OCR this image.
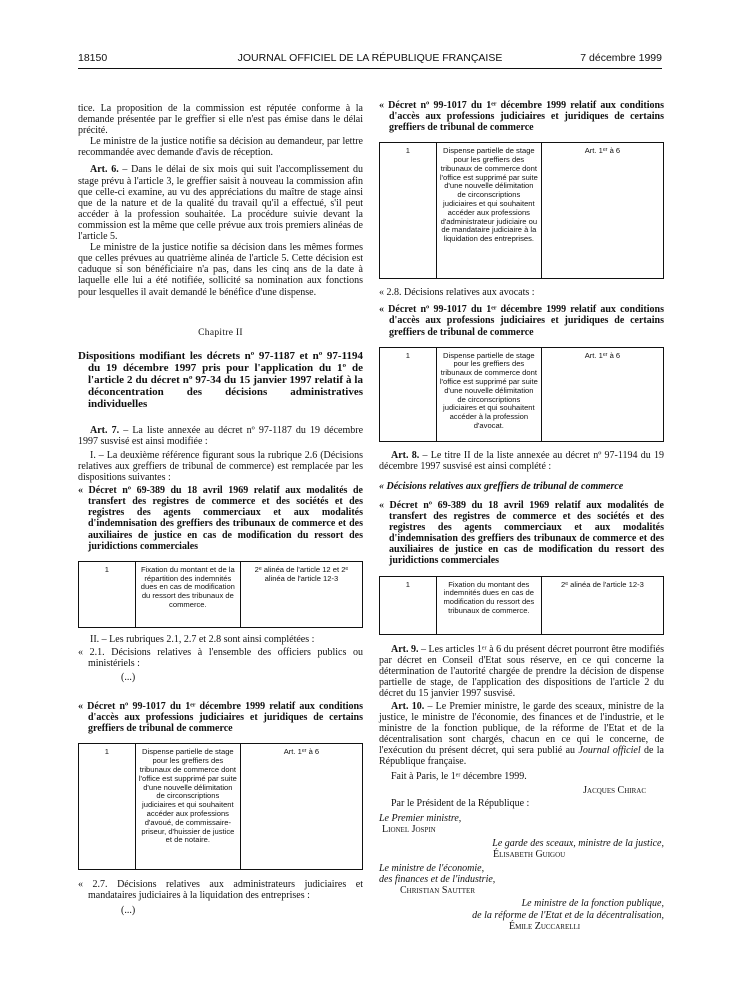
18150	JOURNAL OFFICIEL DE LA RÉPUBLIQUE FRANÇAISE	7 décembre 1999

tice. La proposition de la commission est réputée conforme à la demande présentée par le greffier si elle n'est pas émise dans le délai précité.

Le ministre de la justice notifie sa décision au demandeur, par lettre recommandée avec demande d'avis de réception.

Art. 6. – Dans le délai de six mois qui suit l'accomplissement du stage prévu à l'article 3, le greffier saisit à nouveau la commission afin que celle-ci examine, au vu des appréciations du maître de stage ainsi que de la nature et de la qualité du travail qu'il a effectué, s'il peut accéder à la profession souhaitée. La procédure suivie devant la commission est la même que celle prévue aux trois premiers alinéas de l'article 5.

Le ministre de la justice notifie sa décision dans les mêmes formes que celles prévues au quatrième alinéa de l'article 5. Cette décision est caduque si son bénéficiaire n'a pas, dans les cinq ans de la date à laquelle elle lui a été notifiée, sollicité sa nomination aux fonctions pour lesquelles il avait demandé le bénéfice d'une dispense.

Chapitre II

Dispositions modifiant les décrets nº 97-1187 et nº 97-1194 du 19 décembre 1997 pris pour l'application du 1º de l'article 2 du décret nº 97-34 du 15 janvier 1997 relatif à la déconcentration des décisions administratives individuelles

Art. 7. – La liste annexée au décret nº 97-1187 du 19 décembre 1997 susvisé est ainsi modifiée :

I. – La deuxième référence figurant sous la rubrique 2.6 (Décisions relatives aux greffiers de tribunal de commerce) est remplacée par les dispositions suivantes :

« Décret nº 69-389 du 18 avril 1969 relatif aux modalités de transfert des registres de commerce et des sociétés et des registres des agents commerciaux et aux modalités d'indemnisation des greffiers des tribunaux de commerce et des auxiliaires de justice en cas de modification du ressort des juridictions commerciales

1	Fixation du montant et de la répartition des indemnités dues en cas de modification du ressort des tribunaux de commerce.	2ᵉ alinéa de l'article 12 et 2ᵉ alinéa de l'article 12-3

II. – Les rubriques 2.1, 2.7 et 2.8 sont ainsi complétées :

« 2.1. Décisions relatives à l'ensemble des officiers publics ou ministériels :

(...)

« Décret nº 99-1017 du 1ᵉʳ décembre 1999 relatif aux conditions d'accès aux professions judiciaires et juridiques de certains greffiers de tribunal de commerce

1	Dispense partielle de stage pour les greffiers des tribunaux de commerce dont l'office est supprimé par suite d'une nouvelle délimitation de circonscriptions judiciaires et qui souhaitent accéder aux professions d'avoué, de commissaire-priseur, d'huissier de justice et de notaire.	Art. 1ᵉʳ à 6

« 2.7. Décisions relatives aux administrateurs judiciaires et mandataires judiciaires à la liquidation des entreprises :

(...)

« Décret nº 99-1017 du 1ᵉʳ décembre 1999 relatif aux conditions d'accès aux professions judiciaires et juridiques de certains greffiers de tribunal de commerce

1	Dispense partielle de stage pour les greffiers des tribunaux de commerce dont l'office est supprimé par suite d'une nouvelle délimitation de circonscriptions judiciaires et qui souhaitent accéder aux professions d'administrateur judiciaire ou de mandataire judiciaire à la liquidation des entreprises.	Art. 1ᵉʳ à 6

« 2.8. Décisions relatives aux avocats :

« Décret nº 99-1017 du 1ᵉʳ décembre 1999 relatif aux conditions d'accès aux professions judiciaires et juridiques de certains greffiers de tribunal de commerce

1	Dispense partielle de stage pour les greffiers des tribunaux de commerce dont l'office est supprimé par suite d'une nouvelle délimitation de circonscriptions judiciaires et qui souhaitent accéder à la profession d'avocat.	Art. 1ᵉʳ à 6

Art. 8. – Le titre II de la liste annexée au décret nº 97-1194 du 19 décembre 1997 susvisé est ainsi complété :

« Décisions relatives aux greffiers de tribunal de commerce

« Décret nº 69-389 du 18 avril 1969 relatif aux modalités de transfert des registres de commerce et des sociétés et des registres des agents commerciaux et aux modalités d'indemnisation des greffiers des tribunaux de commerce et des auxiliaires de justice en cas de modification du ressort des juridictions commerciales

1	Fixation du montant des indemnités dues en cas de modification du ressort des tribunaux de commerce.	2ᵉ alinéa de l'article 12-3

Art. 9. – Les articles 1ᵉʳ à 6 du présent décret pourront être modifiés par décret en Conseil d'Etat sous réserve, en ce qui concerne la détermination de l'autorité chargée de prendre la décision de dispense partielle de stage, de l'application des dispositions de l'article 2 du décret du 15 janvier 1997 susvisé.

Art. 10. – Le Premier ministre, le garde des sceaux, ministre de la justice, le ministre de l'économie, des finances et de l'industrie, et le ministre de la fonction publique, de la réforme de l'Etat et de la décentralisation sont chargés, chacun en ce qui le concerne, de l'exécution du présent décret, qui sera publié au Journal officiel de la République française.

Fait à Paris, le 1ᵉʳ décembre 1999.

Jacques Chirac

Par le Président de la République :

Le Premier ministre,

Lionel Jospin

Le garde des sceaux, ministre de la justice,

Élisabeth Guigou

Le ministre de l'économie,

des finances et de l'industrie,

Christian Sautter

Le ministre de la fonction publique,

de la réforme de l'Etat et de la décentralisation,

Émile Zuccarelli
